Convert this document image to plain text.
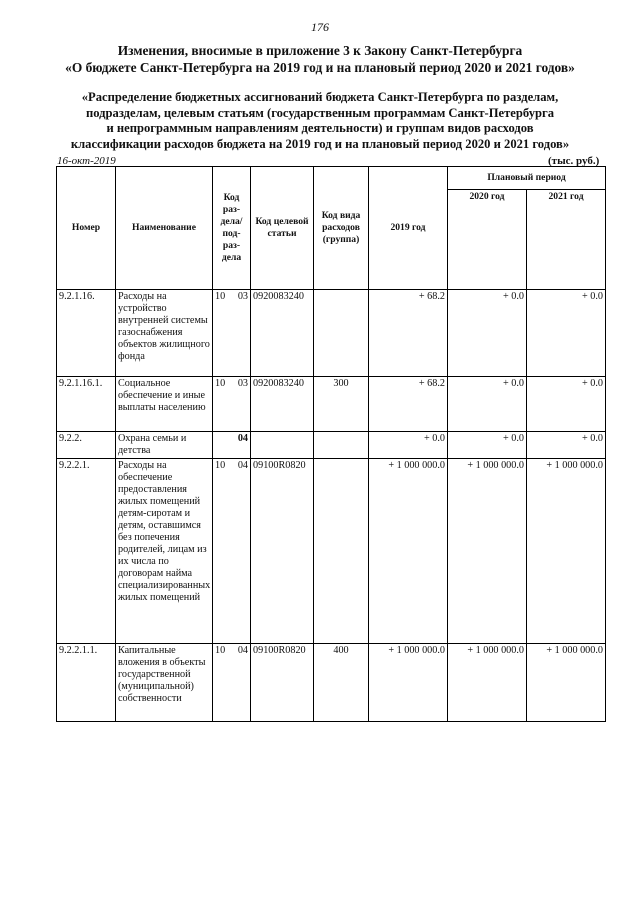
176
Изменения, вносимые в приложение 3 к Закону Санкт-Петербурга
«О бюджете Санкт-Петербурга на 2019 год и на плановый период 2020 и 2021 годов»
«Распределение бюджетных ассигнований бюджета Санкт-Петербурга по разделам,
подразделам, целевым статьям (государственным программам Санкт-Петербурга
и непрограммным направлениям деятельности) и группам видов расходов
классификации расходов бюджета на 2019 год и на плановый период 2020 и 2021 годов»
16-окт-2019	(тыс. руб.)
Номер	Наименование	Код раз- дела/ под- раз- дела	Код целевой статьи	Код вида расходов (группа)	2019 год	Плановый период	
						2020 год	2021 год
9.2.1.16.	Расходы на устройство внутренней системы газоснабжения объектов жилищного фонда	10 03	0920083240		+ 68.2	+ 0.0	+ 0.0
9.2.1.16.1.	Социальное обеспечение и иные выплаты населению	10 03	0920083240	300	+ 68.2	+ 0.0	+ 0.0
9.2.2.	Охрана семьи и детства	04			+ 0.0	+ 0.0	+ 0.0
9.2.2.1.	Расходы на обеспечение предоставления жилых помещений детям-сиротам и детям, оставшимся без попечения родителей, лицам из их числа по договорам найма специализированных жилых помещений	10 04	09100R0820		+ 1 000 000.0	+ 1 000 000.0	+ 1 000 000.0
9.2.2.1.1.	Капитальные вложения в объекты государственной (муниципальной) собственности	10 04	09100R0820	400	+ 1 000 000.0	+ 1 000 000.0	+ 1 000 000.0
